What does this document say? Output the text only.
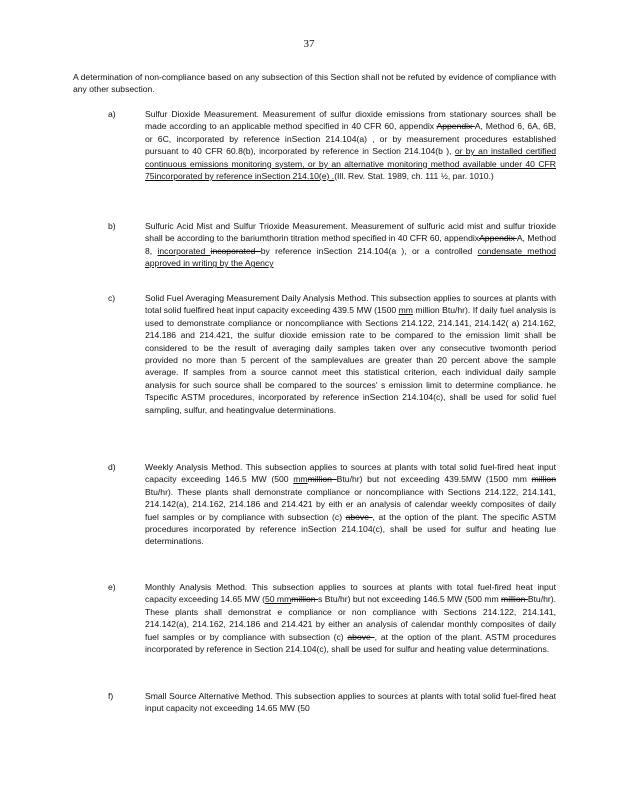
37

A determination of non-compliance based on any subsection of this Section shall not be refuted by evidence of compliance with any other subsection.

a)	Sulfur Dioxide Measurement. Measurement of sulfur dioxide emissions from stationary sources shall be made according to an applicable method specified in 40 CFR 60, appendix Appendix A, Method 6, 6A, 6B, or 6C, incorporated by reference inSection 214.104(a) , or by measurement procedures established pursuant to 40 CFR 60.8(b), incorporated by reference in Section 214.104(b ), or by an installed certified continuous emissions monitoring system, or by an alternative monitoring method available under 40 CFR 75incorporated by reference inSection 214.10(e) .(Ill. Rev. Stat. 1989, ch. 111 ½, par. 1010.)

b)	Sulfuric Acid Mist and Sulfur Trioxide Measurement. Measurement of sulfuric acid mist and sulfur trioxide shall be according to the bariumthorin titration method specified in 40 CFR 60, appendixAppendix A, Method 8, incorporated incoporated by reference inSection 214.104(a ), or a controlled condensate method approved in writing by the Agency

c)	Solid Fuel Averaging Measurement Daily Analysis Method. This subsection applies to sources at plants with total solid fuelfired heat input capacity exceeding 439.5 MW (1500 mm million Btu/hr). If daily fuel analysis is used to demonstrate compliance or noncompliance with Sections 214.122, 214.141, 214.142( a) 214.162, 214.186 and 214.421, the sulfur dioxide emission rate to be compared to the emission limit shall be considered to be the result of averaging daily samples taken over any consecutive twomonth period provided no more than 5 percent of the samplevalues are greater than 20 percent above the sample average. If samples from a source cannot meet this statistical criterion, each individual daily sample analysis for such source shall be compared to the sources' s emission limit to determine compliance. he Tspecific ASTM procedures, incorporated by reference inSection 214.104(c), shall be used for solid fuel sampling, sulfur, and heatingvalue determinations.

d)	Weekly Analysis Method. This subsection applies to sources at plants with total solid fuel-fired heat input capacity exceeding 146.5 MW (500 mmmillion Btu/hr) but not exceeding 439.5MW (1500 mm million Btu/hr). These plants shall demonstrate compliance or noncompliance with Sections 214.122, 214.141, 214.142(a), 214.162, 214.186 and 214.421 by eith er an analysis of calendar weekly composites of daily fuel samples or by compliance with subsection (c) above , at the option of the plant. The specific ASTM procedures incorporated by reference inSection 214.104(c), shall be used for sulfur and heating lue determinations.

e)	Monthly Analysis Method. This subsection applies to sources at plants with total fuel-fired heat input capacity exceeding 14.65 MW (50 mmmillion s Btu/hr) but not exceeding 146.5 MW (500 mm million Btu/hr). These plants shall demonstrat e compliance or non compliance with Sections 214.122, 214.141, 214.142(a), 214.162, 214.186 and 214.421 by either an analysis of calendar monthly composites of daily fuel samples or by compliance with subsection (c) above , at the option of the plant. ASTM procedures incorporated by reference in Section 214.104(c), shall be used for sulfur and heating value determinations.

f)	Small Source Alternative Method. This subsection applies to sources at plants with total solid fuel-fired heat input capacity not exceeding 14.65 MW (50
